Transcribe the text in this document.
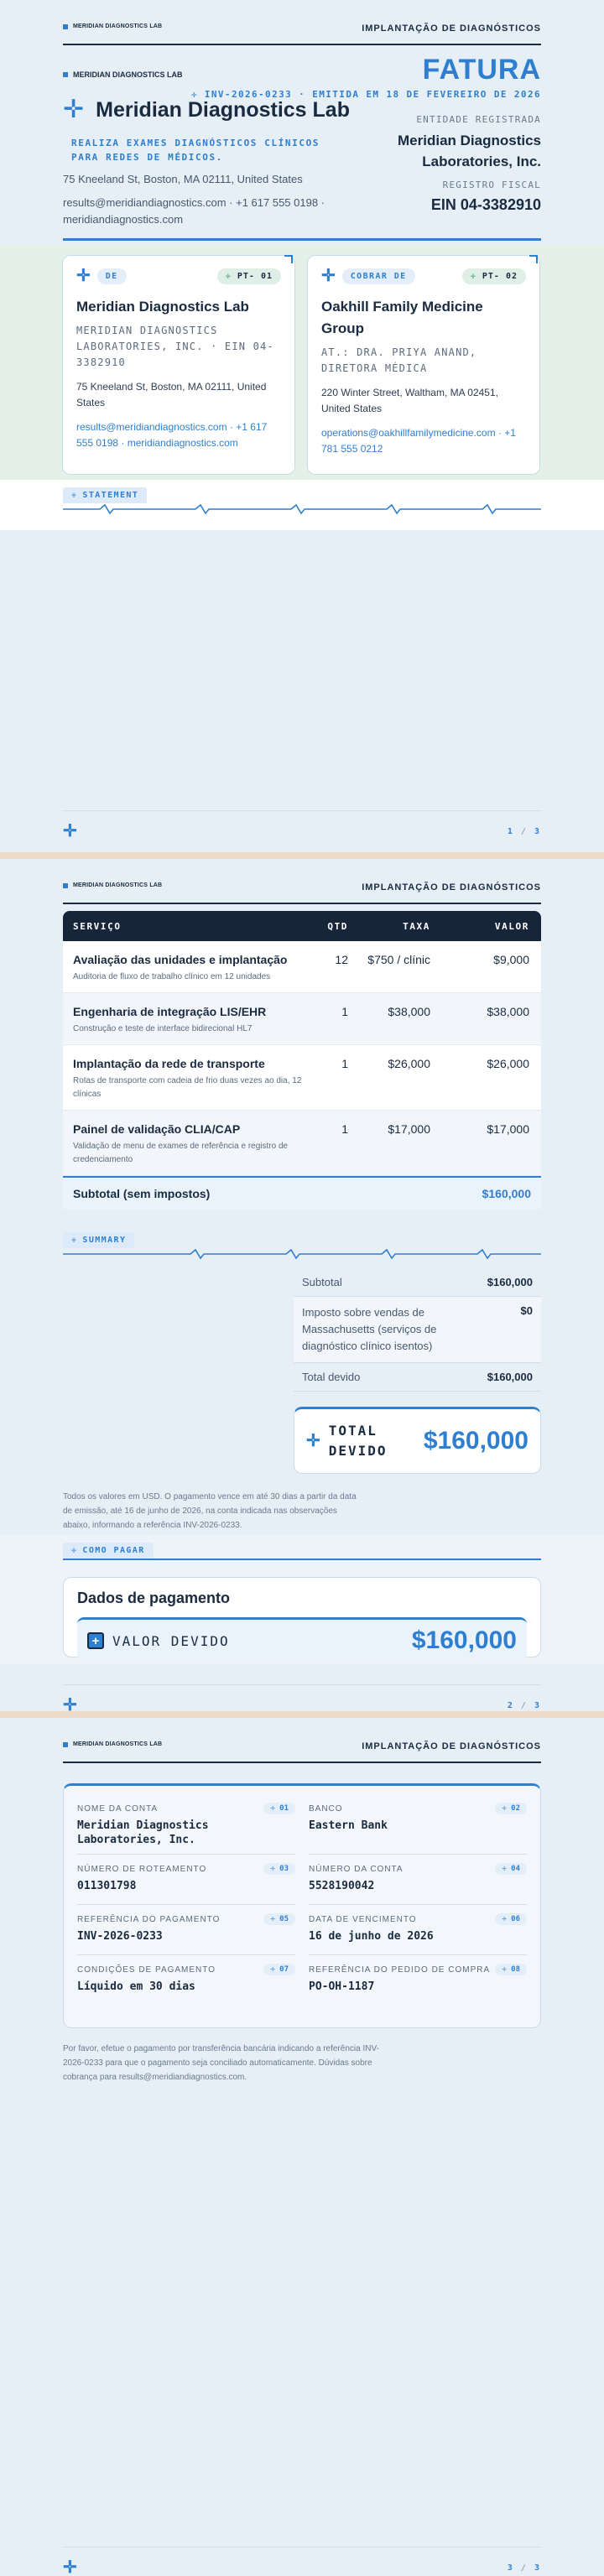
MERIDIAN DIAGNOSTICS LAB	IMPLANTAÇÃO DE DIAGNÓSTICOS
MERIDIAN DIAGNOSTICS LAB	FATURA
✛ INV-2026-0233 · EMITIDA EM 18 DE FEVEREIRO DE 2026
✛ Meridian Diagnostics Lab
REALIZA EXAMES DIAGNÓSTICOS CLÍNICOS PARA REDES DE MÉDICOS.
75 Kneeland St, Boston, MA 02111, United States
results@meridiandiagnostics.com · +1 617 555 0198 · meridiandiagnostics.com
ENTIDADE REGISTRADA
Meridian Diagnostics Laboratories, Inc.
REGISTRO FISCAL
EIN 04-3382910
✛	DE	✛ PT- 01
Meridian Diagnostics Lab
MERIDIAN DIAGNOSTICS LABORATORIES, INC. · EIN 04-3382910
75 Kneeland St, Boston, MA 02111, United States
results@meridiandiagnostics.com · +1 617 555 0198 · meridiandiagnostics.com
✛	COBRAR DE	✛ PT- 02
Oakhill Family Medicine Group
AT.: DRA. PRIYA ANAND, DIRETORA MÉDICA
220 Winter Street, Waltham, MA 02451, United States
operations@oakhillfamilymedicine.com · +1 781 555 0212
✛ STATEMENT
✛	1 / 3
MERIDIAN DIAGNOSTICS LAB	IMPLANTAÇÃO DE DIAGNÓSTICOS
SERVIÇO	QTD	TAXA	VALOR
Avaliação das unidades e implantação
Auditoria de fluxo de trabalho clínico em 12 unidades
12	$750 / clínic	$9,000
Engenharia de integração LIS/EHR
Construção e teste de interface bidirecional HL7
1	$38,000	$38,000
Implantação da rede de transporte
Rotas de transporte com cadeia de frio duas vezes ao dia, 12 clínicas
1	$26,000	$26,000
Painel de validação CLIA/CAP
Validação de menu de exames de referência e registro de credenciamento
1	$17,000	$17,000
Subtotal (sem impostos)	$160,000
✛ SUMMARY
Subtotal	$160,000
Imposto sobre vendas de Massachusetts (serviços de diagnóstico clínico isentos)
$0
Total devido	$160,000
✛
TOTAL DEVIDO	$160,000
Todos os valores em USD. O pagamento vence em até 30 dias a partir da data de emissão, até 16 de junho de 2026, na conta indicada nas observações abaixo, informando a referência INV-2026-0233.
✛ COMO PAGAR
Dados de pagamento
+ VALOR DEVIDO	$160,000
✛	2 / 3
MERIDIAN DIAGNOSTICS LAB	IMPLANTAÇÃO DE DIAGNÓSTICOS
NOME DA CONTA	✛ 01
Meridian Diagnostics Laboratories, Inc.
BANCO	✛ 02
Eastern Bank
NÚMERO DE ROTEAMENTO	✛ 03
011301798
NÚMERO DA CONTA	✛ 04
5528190042
REFERÊNCIA DO PAGAMENTO	✛ 05
INV-2026-0233
DATA DE VENCIMENTO	✛ 06
16 de junho de 2026
CONDIÇÕES DE PAGAMENTO	✛ 07
Líquido em 30 dias
REFERÊNCIA DO PEDIDO DE COMPRA	✛ 08
PO-OH-1187
Por favor, efetue o pagamento por transferência bancária indicando a referência INV-2026-0233 para que o pagamento seja conciliado automaticamente. Dúvidas sobre cobrança para results@meridiandiagnostics.com.
✛	3 / 3
